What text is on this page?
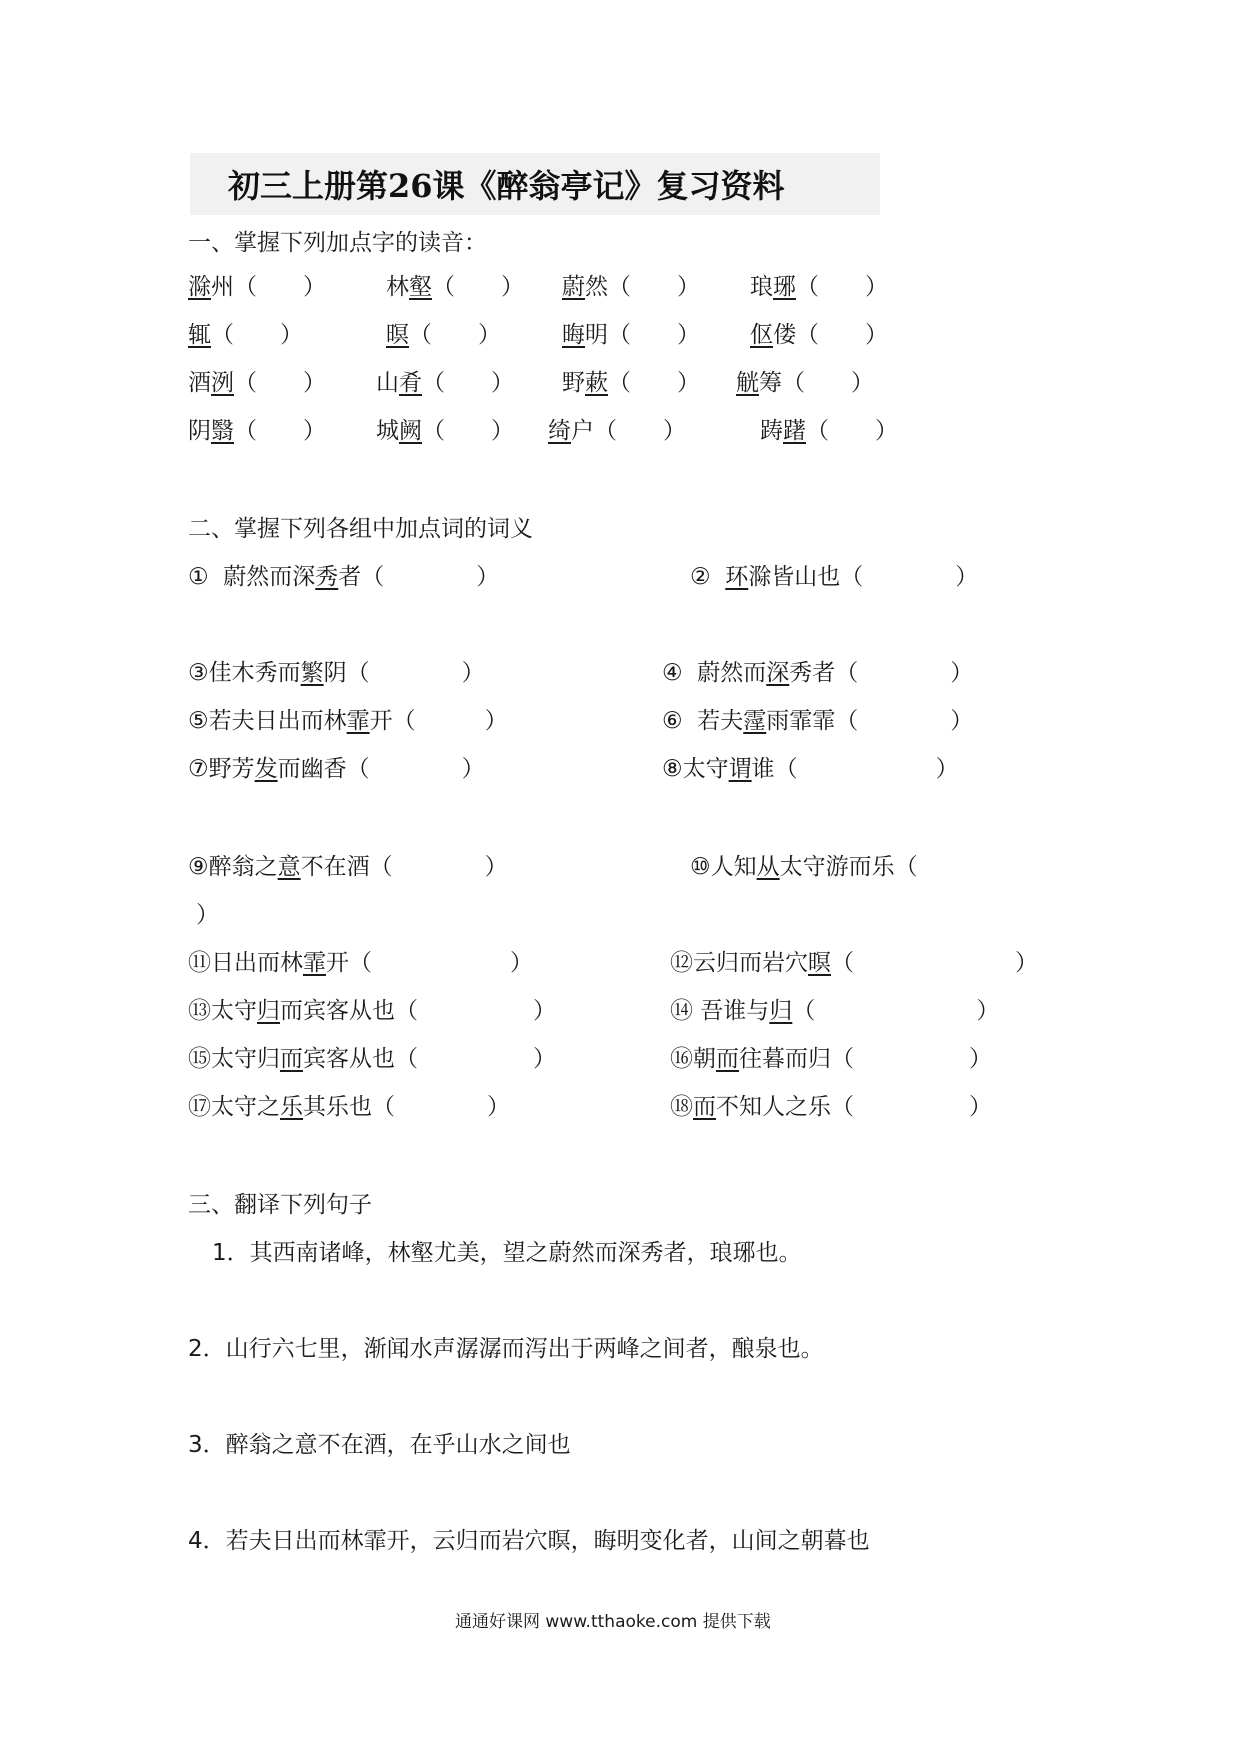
初三上册第26课《醉翁亭记》复习资料
一、掌握下列加点字的读音：
滁州（　　）	林壑（　　） 蔚然（　　） 琅琊（　　）
辄（　　）	暝（　　）	晦明（　　） 伛偻（　　）
酒洌（　　） 山肴（　　） 野蔌（　　） 觥筹（　　）
阴翳（　　） 城阙（　　） 绮户（　　）	踌躇（　　）
二、掌握下列各组中加点词的词义
① 蔚然而深秀者（　　　　）	② 环滁皆山也（　　　　）
③佳木秀而繁阴（　　　　）	④ 蔚然而深秀者（　　　　）
⑤若夫日出而林霏开（　　　）	⑥ 若夫霪雨霏霏（　　　　）
⑦野芳发而幽香（　　　　）	⑧太守谓谁（　　　　　　）
⑨醉翁之意不在酒（　　　　）	⑩人知从太守游而乐（
）
⑪日出而林霏开（　　　　　　）	⑫云归而岩穴暝（　　　　　　　）
⑬太守归而宾客从也（　　　　　）	⑭ 吾谁与归（　　　　　　　）
⑮太守归而宾客从也（　　　　　）	⑯朝而往暮而归（　　　　　）
⑰太守之乐其乐也（　　　　）	⑱而不知人之乐（　　　　　）
三、翻译下列句子
1．其西南诸峰，林壑尤美，望之蔚然而深秀者，琅琊也。
2．山行六七里，渐闻水声潺潺而泻出于两峰之间者，酿泉也。
3．醉翁之意不在酒，在乎山水之间也
4．若夫日出而林霏开，云归而岩穴暝，晦明变化者，山间之朝暮也
通通好课网 www.tthaoke.com 提供下载
